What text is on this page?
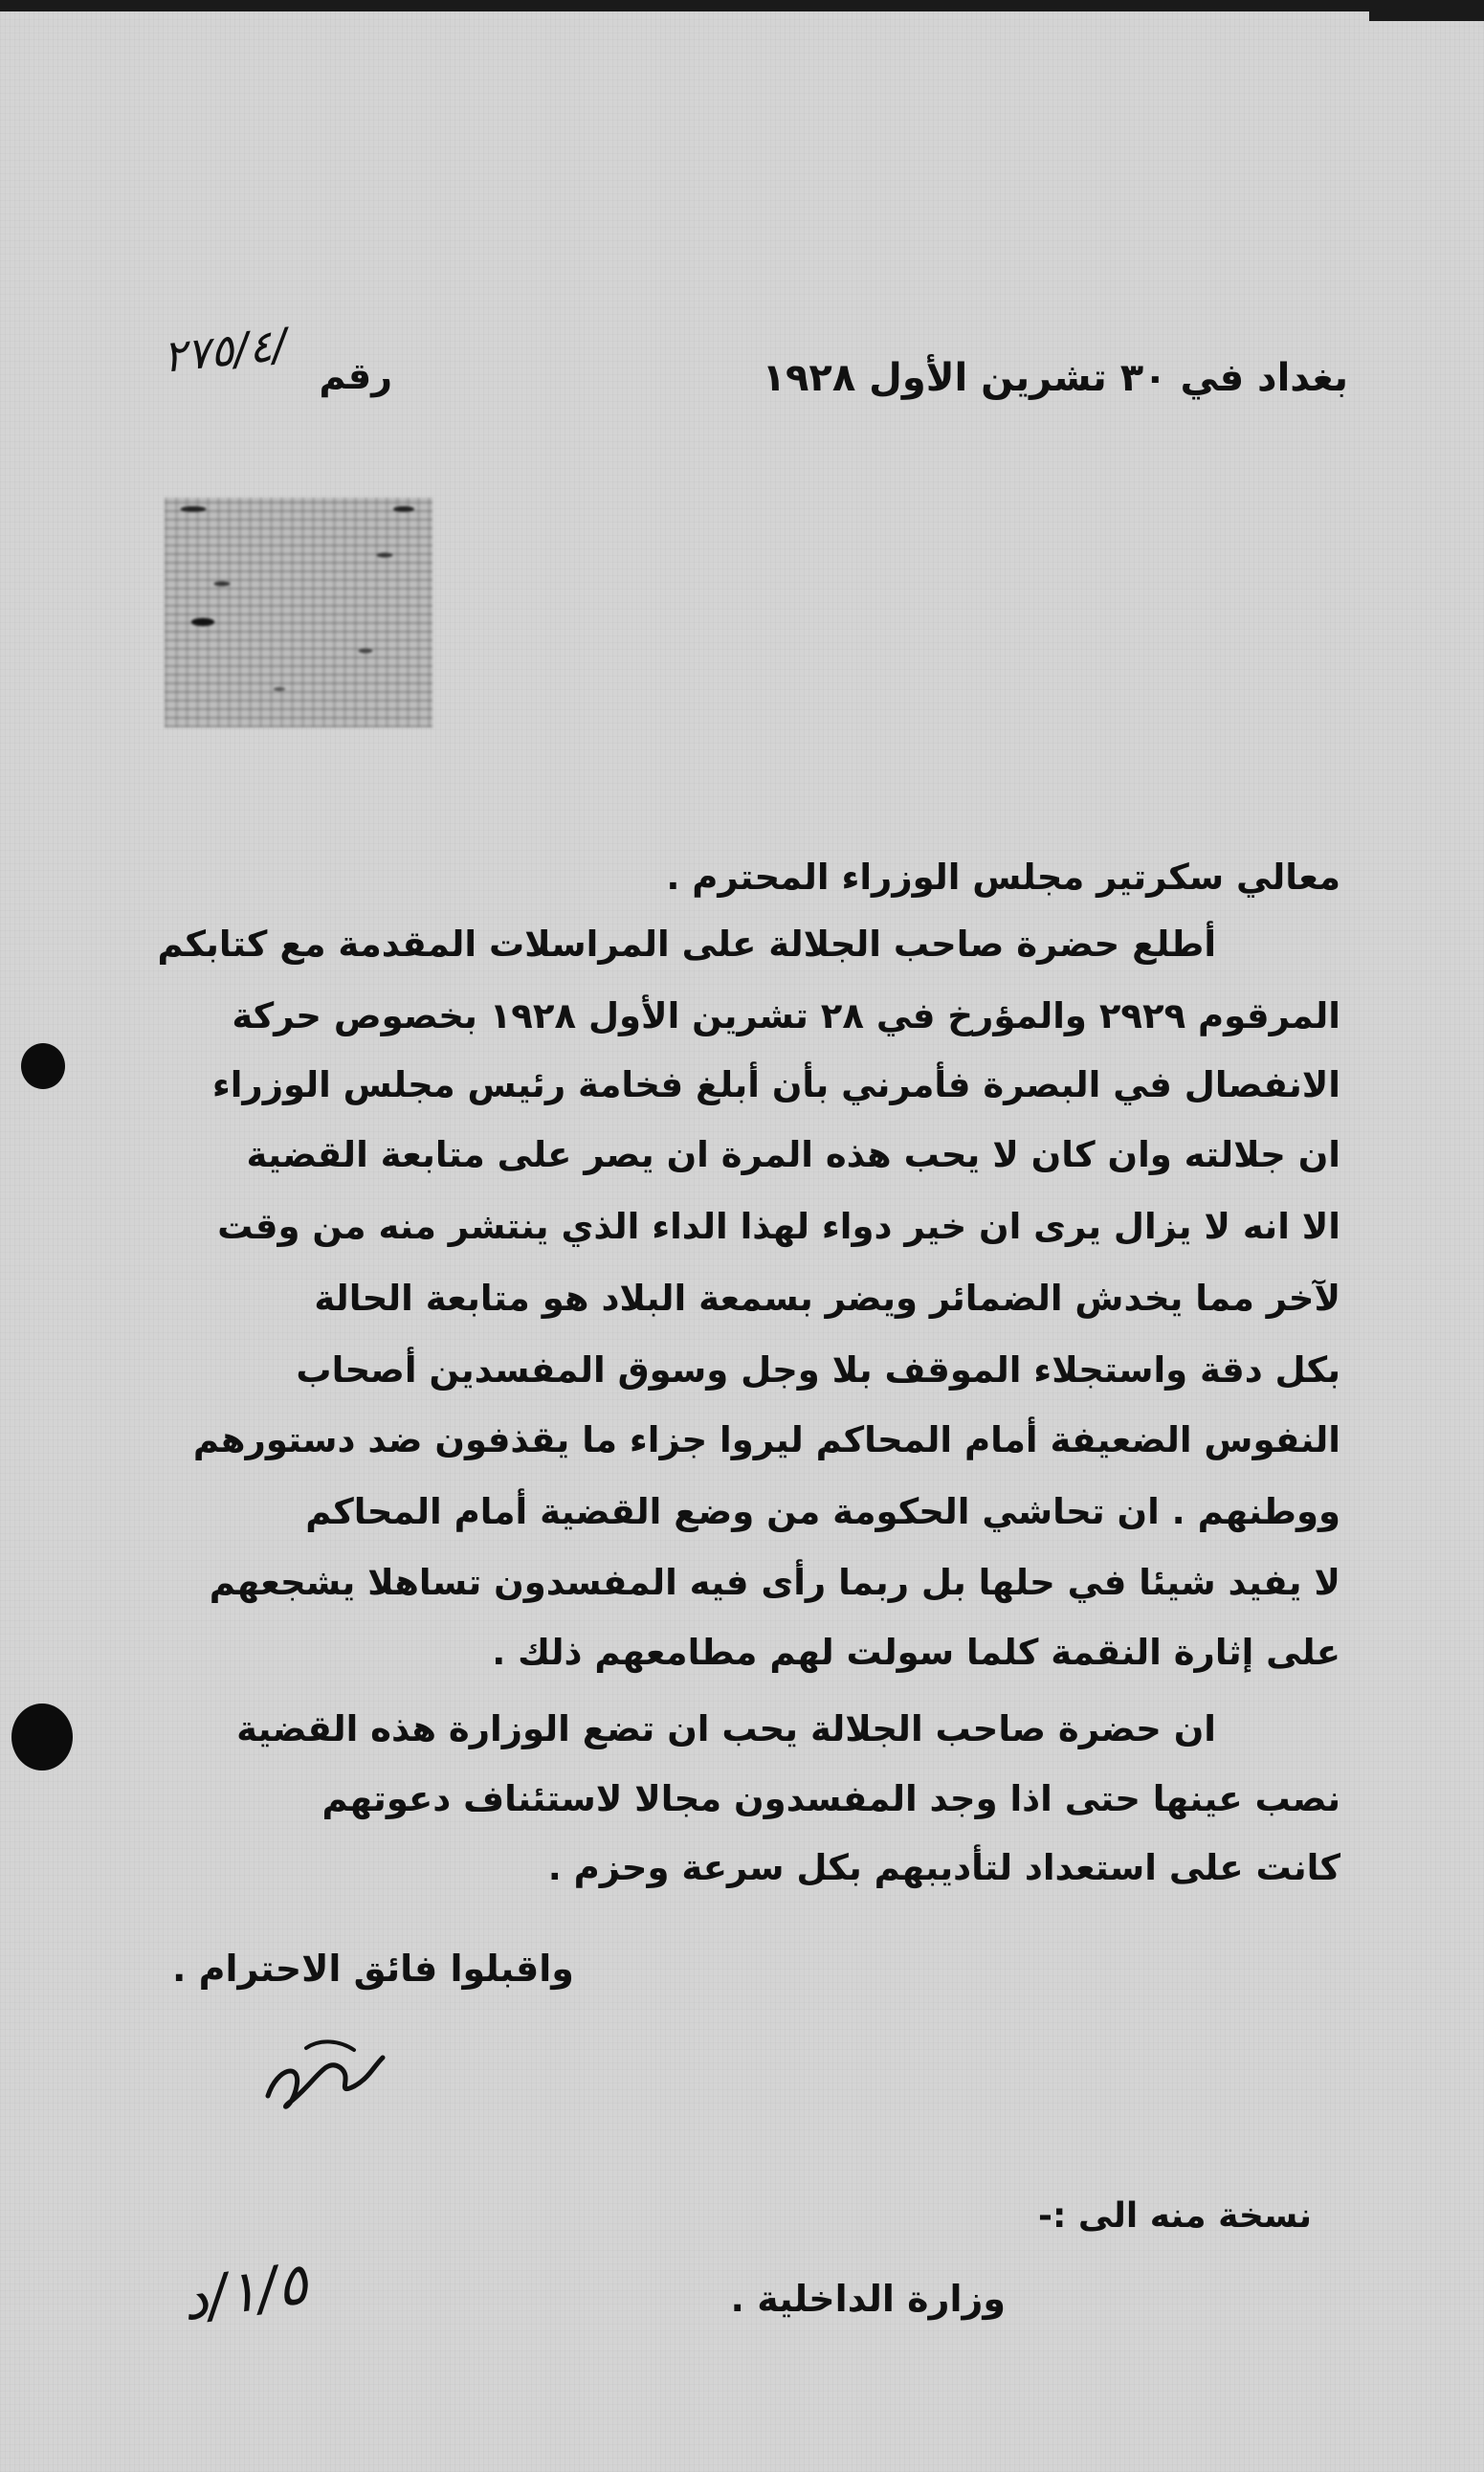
بغداد في ٣٠ تشرين الأول ١٩٢٨
رقم
٢٧٥/٤/
معالي سكرتير مجلس الوزراء المحترم .
أطلع حضرة صاحب الجلالة على المراسلات المقدمة مع كتابكم
المرقوم ٢٩٢٩ والمؤرخ في ٢٨ تشرين الأول ١٩٢٨ بخصوص حركة
الانفصال في البصرة فأمرني بأن أبلغ فخامة رئيس مجلس الوزراء
ان جلالته وان كان لا يحب هذه المرة ان يصر على متابعة القضية
الا انه لا يزال يرى ان خير دواء لهذا الداء الذي ينتشر منه من وقت
لآخر مما يخدش الضمائر ويضر بسمعة البلاد هو متابعة الحالة
بكل دقة واستجلاء الموقف بلا وجل وسوق المفسدين أصحاب
النفوس الضعيفة أمام المحاكم ليروا جزاء ما يقذفون ضد دستورهم
ووطنهم . ان تحاشي الحكومة من وضع القضية أمام المحاكم
لا يفيد شيئا في حلها بل ربما رأى فيه المفسدون تساهلا يشجعهم
على إثارة النقمة كلما سولت لهم مطامعهم ذلك .
ان حضرة صاحب الجلالة يحب ان تضع الوزارة هذه القضية
نصب عينها حتى اذا وجد المفسدون مجالا لاستئناف دعوتهم
كانت على استعداد لتأديبهم بكل سرعة وحزم .
واقبلوا فائق الاحترام .
نسخة منه الى :-
وزارة الداخلية .
١/٥/د
